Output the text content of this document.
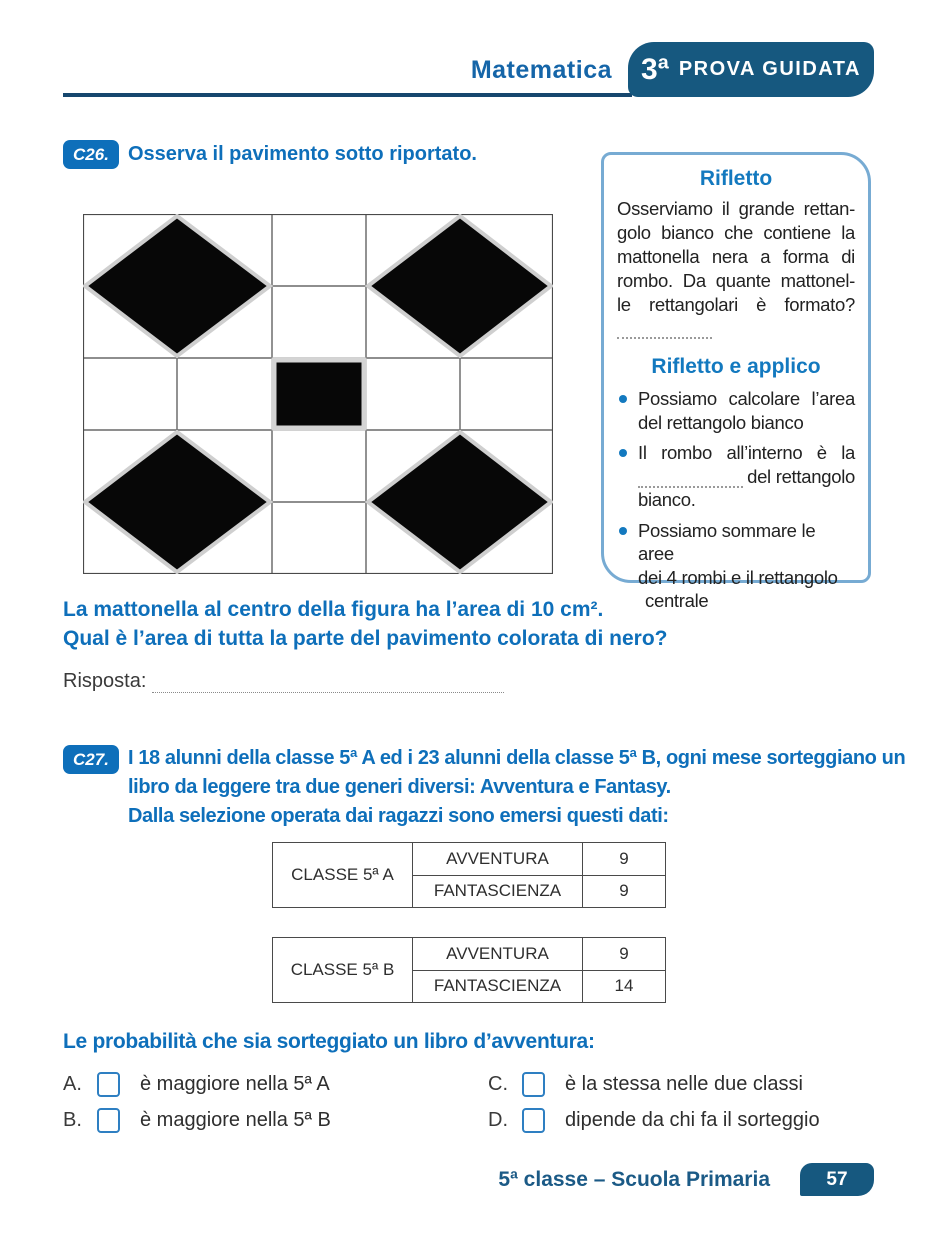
Matematica 3ª PROVA GUIDATA
C26. Osserva il pavimento sotto riportato.
Rifletto
Osserviamo il grande rettan-
golo bianco che contiene la
mattonella nera a forma di
rombo. Da quante mattonel-
le rettangolari è formato?
Rifletto e applico
Possiamo calcolare l’area
del rettangolo bianco
Il rombo all’interno è la
del rettangolo
bianco.
Possiamo sommare le aree
dei 4 rombi e il rettangolo
centrale
La mattonella al centro della figura ha l’area di 10 cm².
Qual è l’area di tutta la parte del pavimento colorata di nero?
Risposta:
C27. I 18 alunni della classe 5ª A ed i 23 alunni della classe 5ª B, ogni mese sorteggiano un
libro da leggere tra due generi diversi: Avventura e Fantasy.
Dalla selezione operata dai ragazzi sono emersi questi dati:
CLASSE 5ª A	AVVENTURA	9
	FANTASCIENZA	9
CLASSE 5ª B	AVVENTURA	9
	FANTASCIENZA	14
Le probabilità che sia sorteggiato un libro d’avventura:
A.	è maggiore nella 5ª A	C.	è la stessa nelle due classi
B.	è maggiore nella 5ª B	D.	dipende da chi fa il sorteggio
5ª classe – Scuola Primaria	57
